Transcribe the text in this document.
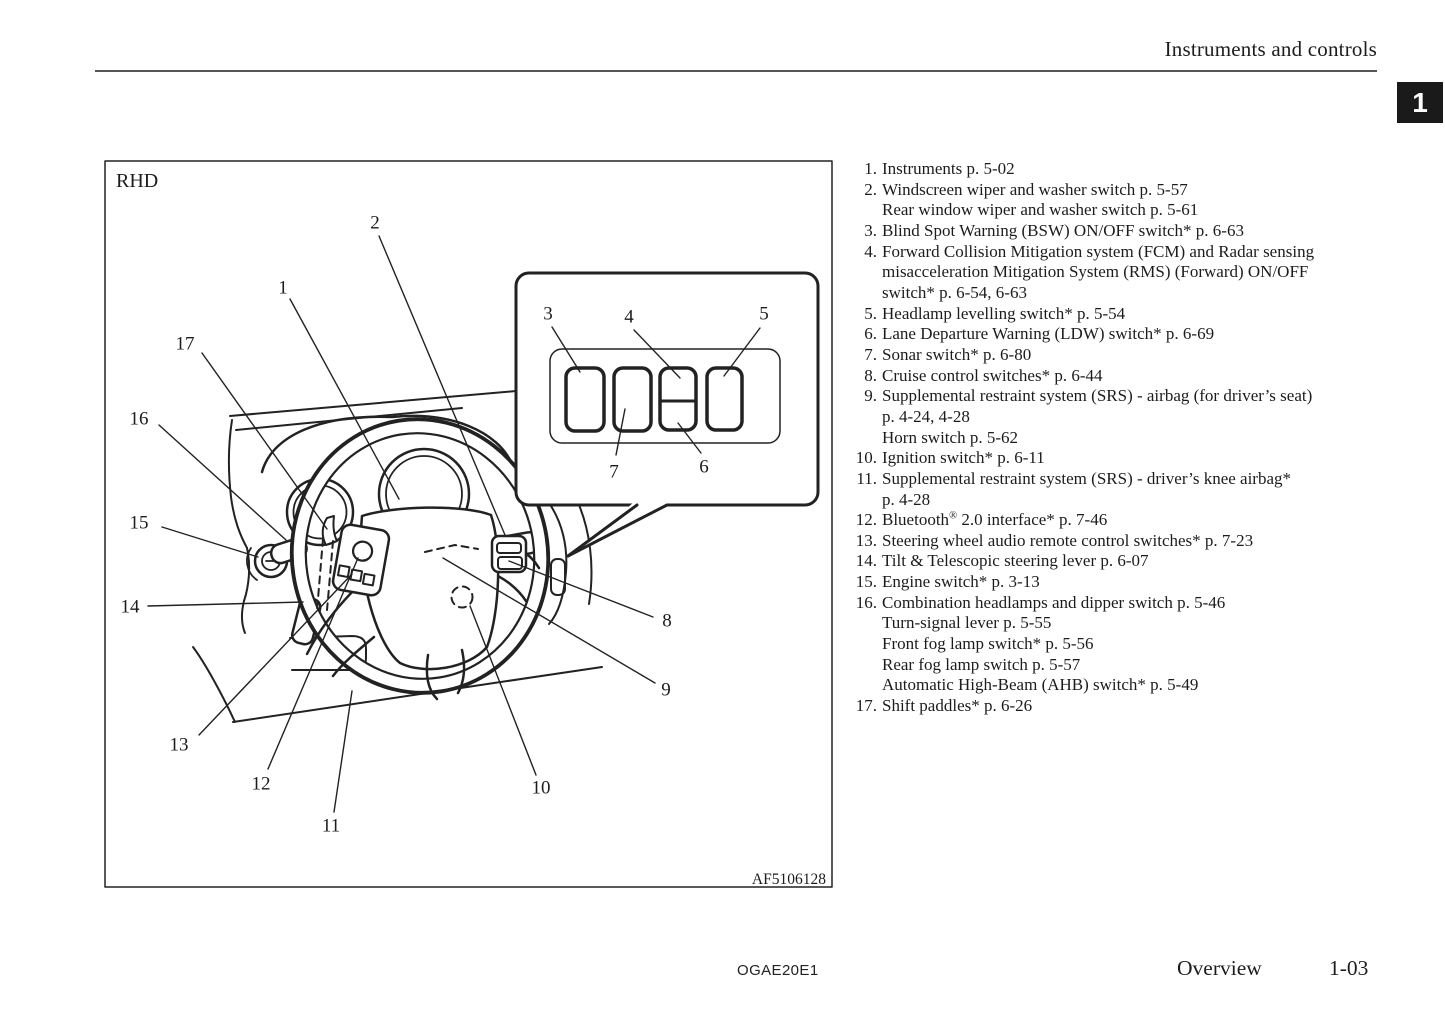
Instruments and controls
1
1
2
3	4	5
6
7
8
9
10
11
12
13
14
15
16
17
RHD
AF5106128
1. Instruments p. 5-02
2. Windscreen wiper and washer switch p. 5-57
Rear window wiper and washer switch p. 5-61
3. Blind Spot Warning (BSW) ON/OFF switch* p. 6-63
4. Forward Collision Mitigation system (FCM) and Radar sensing
misacceleration Mitigation System (RMS) (Forward) ON/OFF
switch* p. 6-54, 6-63
5. Headlamp levelling switch* p. 5-54
6. Lane Departure Warning (LDW) switch* p. 6-69
7. Sonar switch* p. 6-80
8. Cruise control switches* p. 6-44
9. Supplemental restraint system (SRS) - airbag (for driver’s seat)
p. 4-24, 4-28
Horn switch p. 5-62
10. Ignition switch* p. 6-11
11. Supplemental restraint system (SRS) - driver’s knee airbag*
p. 4-28
12. Bluetooth® 2.0 interface* p. 7-46
13. Steering wheel audio remote control switches* p. 7-23
14. Tilt & Telescopic steering lever p. 6-07
15. Engine switch* p. 3-13
16. Combination headlamps and dipper switch p. 5-46
Turn-signal lever p. 5-55
Front fog lamp switch* p. 5-56
Rear fog lamp switch p. 5-57
Automatic High-Beam (AHB) switch* p. 5-49
17. Shift paddles* p. 6-26
OGAE20E1	Overview	1-03
